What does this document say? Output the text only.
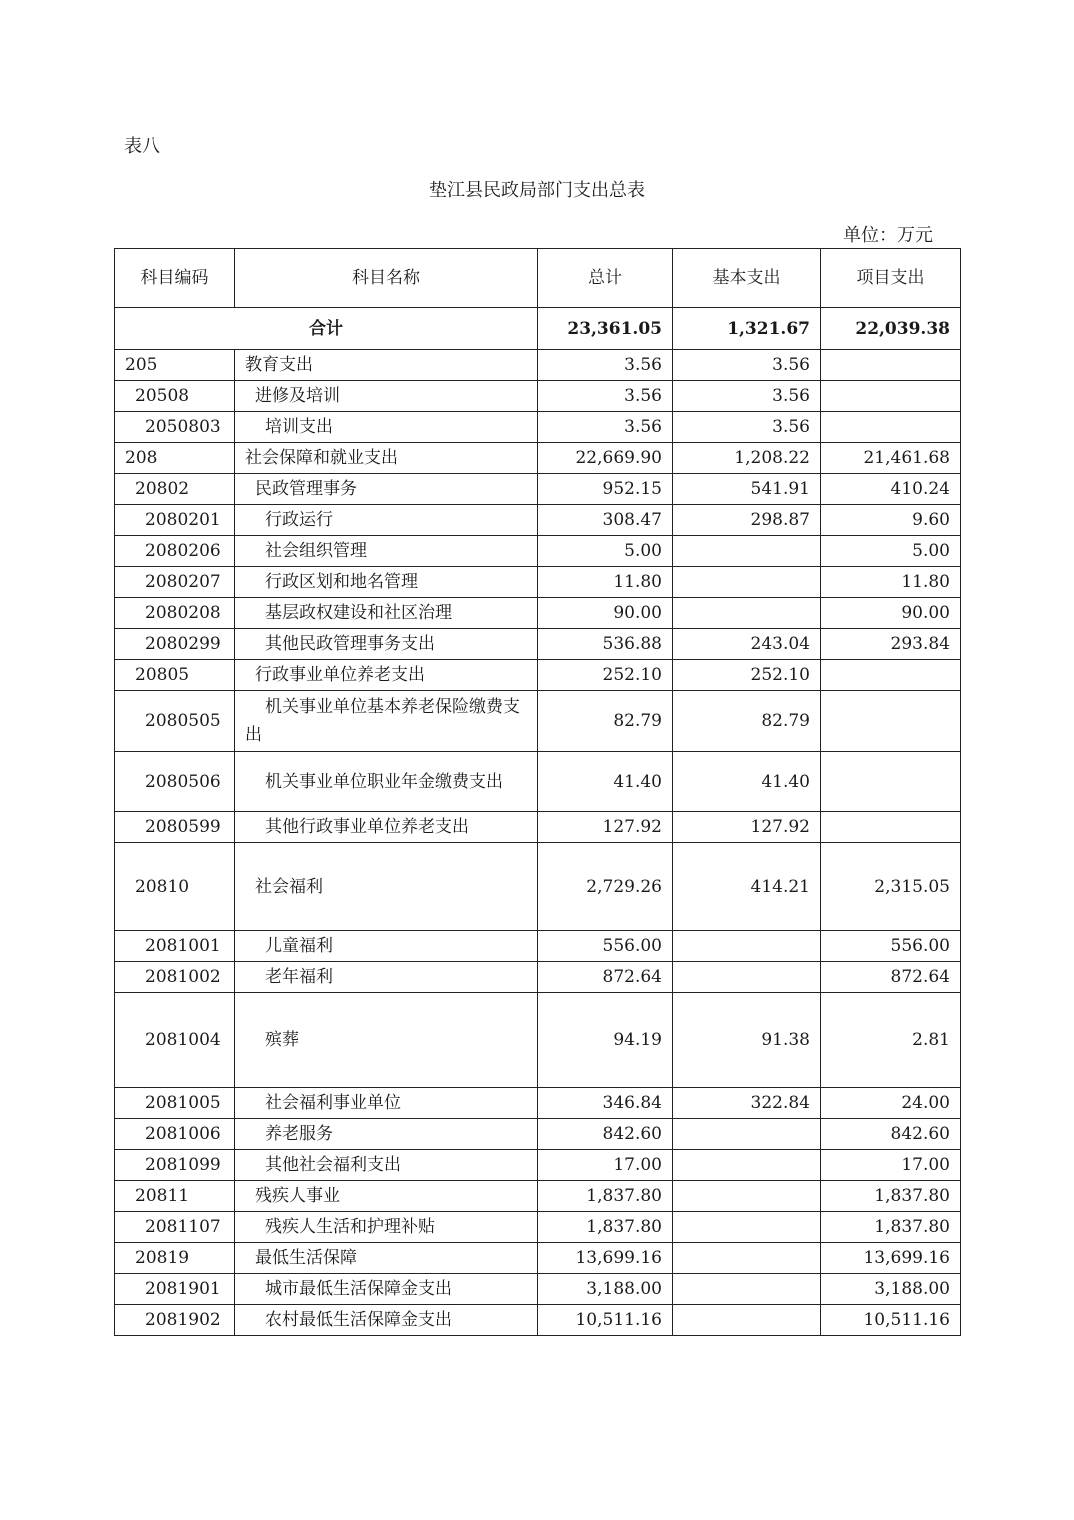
表八
垫江县民政局部门支出总表
单位：万元
科目编码	科目名称	总计	基本支出	项目支出
合计		23,361.05	1,321.67	22,039.38
205	教育支出	3.56	3.56	
20508	进修及培训	3.56	3.56	
2050803	培训支出	3.56	3.56	
208	社会保障和就业支出	22,669.90	1,208.22	21,461.68
20802	民政管理事务	952.15	541.91	410.24
2080201	行政运行	308.47	298.87	9.60
2080206	社会组织管理	5.00		5.00
2080207	行政区划和地名管理	11.80		11.80
2080208	基层政权建设和社区治理	90.00		90.00
2080299	其他民政管理事务支出	536.88	243.04	293.84
20805	行政事业单位养老支出	252.10	252.10	
2080505	机关事业单位基本养老保险缴费支出	82.79	82.79	
2080506	机关事业单位职业年金缴费支出	41.40	41.40	
2080599	其他行政事业单位养老支出	127.92	127.92	
20810	社会福利	2,729.26	414.21	2,315.05
2081001	儿童福利	556.00		556.00
2081002	老年福利	872.64		872.64
2081004	殡葬	94.19	91.38	2.81
2081005	社会福利事业单位	346.84	322.84	24.00
2081006	养老服务	842.60		842.60
2081099	其他社会福利支出	17.00		17.00
20811	残疾人事业	1,837.80		1,837.80
2081107	残疾人生活和护理补贴	1,837.80		1,837.80
20819	最低生活保障	13,699.16		13,699.16
2081901	城市最低生活保障金支出	3,188.00		3,188.00
2081902	农村最低生活保障金支出	10,511.16		10,511.16
